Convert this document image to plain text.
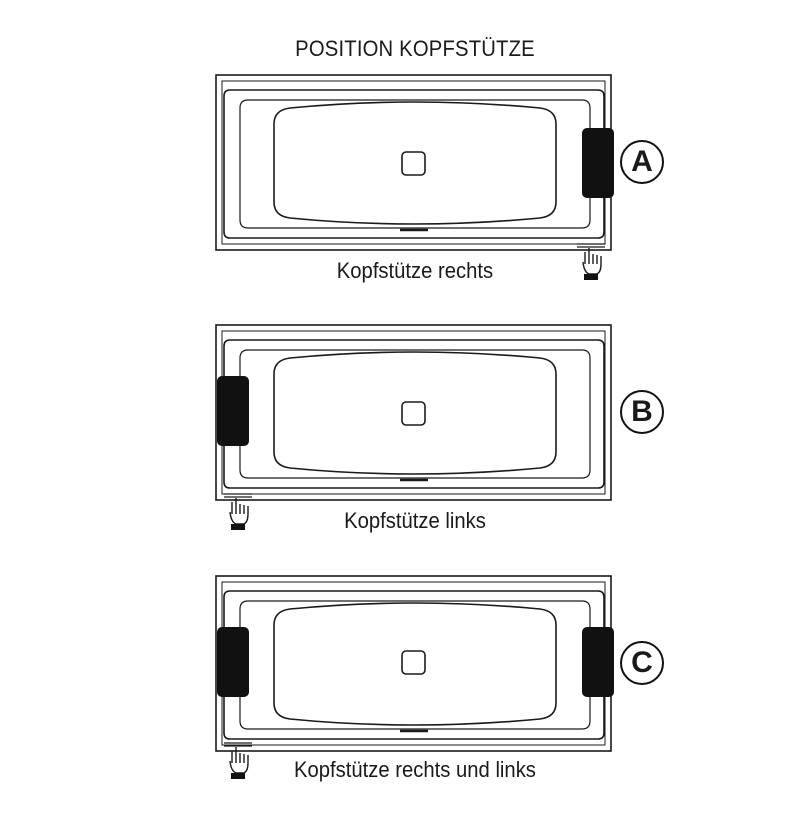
POSITION KOPFSTÜTZE
A
Kopfstütze rechts
B
Kopfstütze links
C
Kopfstütze rechts und links
